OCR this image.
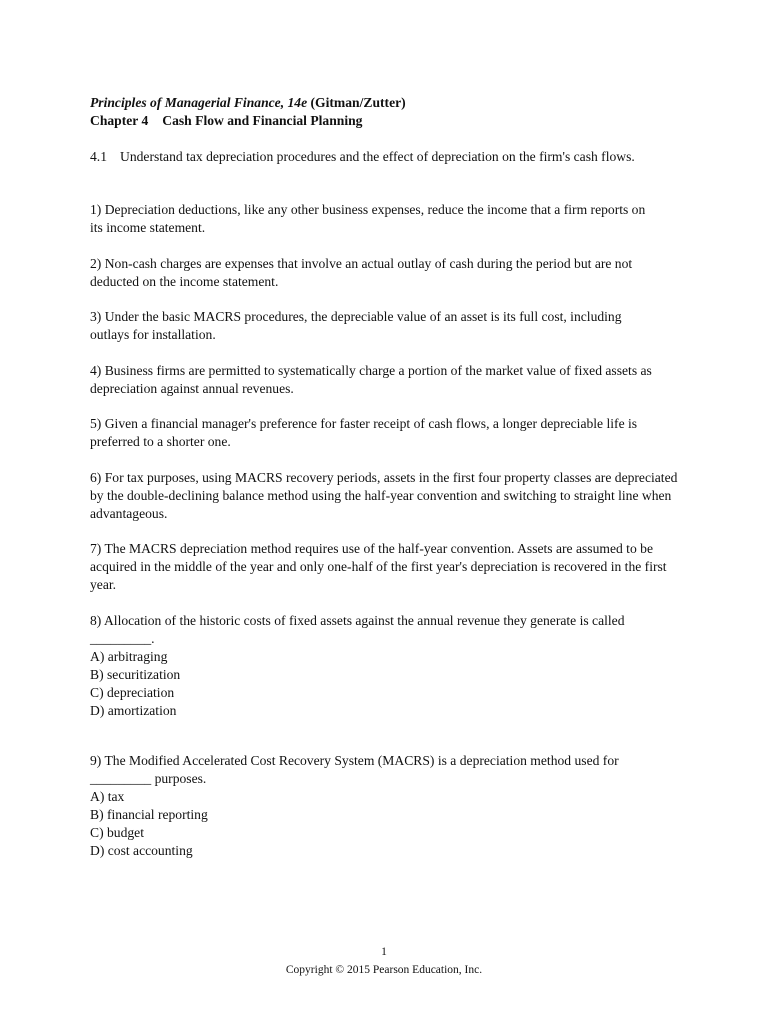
Principles of Managerial Finance, 14e (Gitman/Zutter)

Chapter 4 Cash Flow and Financial Planning

4.1 Understand tax depreciation procedures and the effect of depreciation on the firm's cash flows.

1) Depreciation deductions, like any other business expenses, reduce the income that a firm reports on its income statement.

2) Non-cash charges are expenses that involve an actual outlay of cash during the period but are not deducted on the income statement.

3) Under the basic MACRS procedures, the depreciable value of an asset is its full cost, including outlays for installation.

4) Business firms are permitted to systematically charge a portion of the market value of fixed assets as depreciation against annual revenues.

5) Given a financial manager's preference for faster receipt of cash flows, a longer depreciable life is preferred to a shorter one.

6) For tax purposes, using MACRS recovery periods, assets in the first four property classes are depreciated by the double-declining balance method using the half-year convention and switching to straight line when advantageous.

7) The MACRS depreciation method requires use of the half-year convention. Assets are assumed to be acquired in the middle of the year and only one-half of the first year's depreciation is recovered in the first year.

8) Allocation of the historic costs of fixed assets against the annual revenue they generate is called _________.

A) arbitraging

B) securitization

C) depreciation

D) amortization

9) The Modified Accelerated Cost Recovery System (MACRS) is a depreciation method used for _________ purposes.

A) tax

B) financial reporting

C) budget

D) cost accounting

1
Copyright © 2015 Pearson Education, Inc.
